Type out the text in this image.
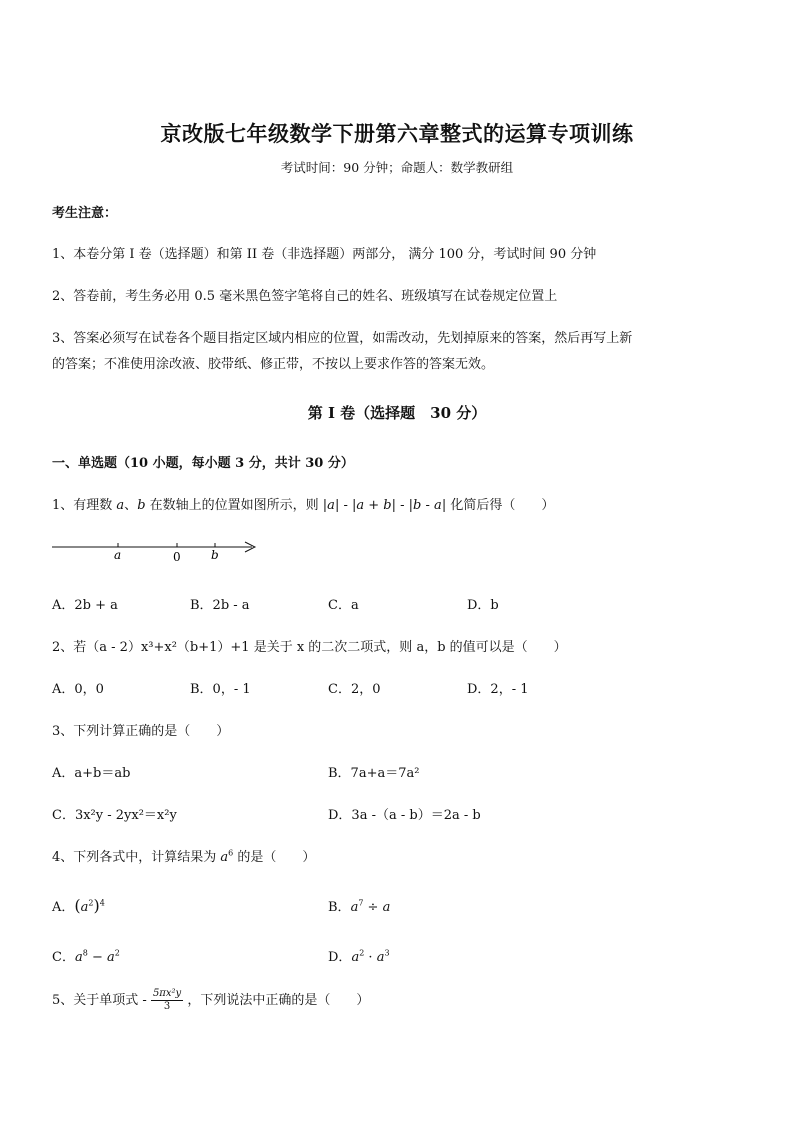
京改版七年级数学下册第六章整式的运算专项训练
考试时间：90 分钟；命题人：数学教研组
考生注意：
1、本卷分第 I 卷（选择题）和第 II 卷（非选择题）两部分， 满分 100 分，考试时间 90 分钟
2、答卷前，考生务必用 0.5 毫米黑色签字笔将自己的姓名、班级填写在试卷规定位置上
3、答案必须写在试卷各个题目指定区域内相应的位置，如需改动，先划掉原来的答案，然后再写上新
的答案；不准使用涂改液、胶带纸、修正带，不按以上要求作答的答案无效。
第 I 卷（选择题　30 分）
一、单选题（10 小题，每小题 3 分，共计 30 分）
1、有理数 a、b 在数轴上的位置如图所示，则 |a| - |a + b| - |b - a| 化简后得（　　）
a	0	b
A．2b + a	B．2b - a	C．a	D．b
2、若（a - 2）x³+x²（b+1）+1 是关于 x 的二次二项式，则 a，b 的值可以是（　　）
A．0，0	B．0，- 1	C．2，0	D．2，- 1
3、下列计算正确的是（　　）
A．a+b＝ab	B．7a+a＝7a²
C．3x²y - 2yx²＝x²y	D．3a -（a - b）＝2a - b
4、下列各式中，计算结果为 $a^6$ 的是（　　）
A．$(a^2)^4$	B．$a^7 \div a$
C．$a^8 - a^2$	D．$a^2 \cdot a^3$
5、关于单项式 - $\frac{\text{5πx²y}}{3}$ ，下列说法中正确的是（　　）
